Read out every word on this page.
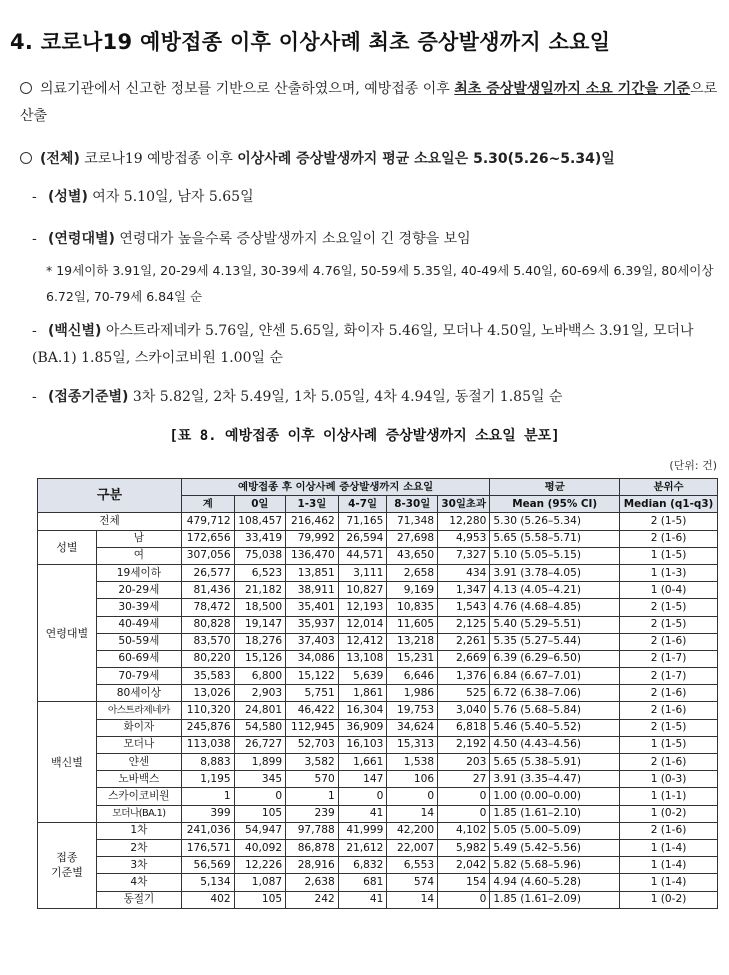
4. 코로나19 예방접종 이후 이상사례 최초 증상발생까지 소요일
의료기관에서 신고한 정보를 기반으로 산출하였으며, 예방접종 이후 최초 증상발생일까지 소요 기간을 기준으로 산출
(전체) 코로나19 예방접종 이후 이상사례 증상발생까지 평균 소요일은 5.30(5.26~5.34)일
- (성별) 여자 5.10일, 남자 5.65일
- (연령대별) 연령대가 높을수록 증상발생까지 소요일이 긴 경향을 보임
* 19세이하 3.91일, 20-29세 4.13일, 30-39세 4.76일, 50-59세 5.35일, 40-49세 5.40일, 60-69세 6.39일, 80세이상 6.72일, 70-79세 6.84일 순
- (백신별) 아스트라제네카 5.76일, 얀센 5.65일, 화이자 5.46일, 모더나 4.50일, 노바백스 3.91일, 모더나(BA.1) 1.85일, 스카이코비원 1.00일 순
- (접종기준별) 3차 5.82일, 2차 5.49일, 1차 5.05일, 4차 4.94일, 동절기 1.85일 순
[표 8. 예방접종 이후 이상사례 증상발생까지 소요일 분포]
(단위: 건)
구분		예방접종 후 이상사례 증상발생까지 소요일						평균	분위수
		계	0일	1-3일	4-7일	8-30일	30일초과	Mean (95% CI)	Median (q1-q3)
전체		479,712	108,457	216,462	71,165	71,348	12,280	5.30 (5.26–5.34)	2 (1-5)
성별	남	172,656	33,419	79,992	26,594	27,698	4,953	5.65 (5.58–5.71)	2 (1-6)
	여	307,056	75,038	136,470	44,571	43,650	7,327	5.10 (5.05–5.15)	1 (1-5)
연령대별	19세이하	26,577	6,523	13,851	3,111	2,658	434	3.91 (3.78–4.05)	1 (1-3)
	20-29세	81,436	21,182	38,911	10,827	9,169	1,347	4.13 (4.05–4.21)	1 (0-4)
	30-39세	78,472	18,500	35,401	12,193	10,835	1,543	4.76 (4.68–4.85)	2 (1-5)
	40-49세	80,828	19,147	35,937	12,014	11,605	2,125	5.40 (5.29–5.51)	2 (1-5)
	50-59세	83,570	18,276	37,403	12,412	13,218	2,261	5.35 (5.27–5.44)	2 (1-6)
	60-69세	80,220	15,126	34,086	13,108	15,231	2,669	6.39 (6.29–6.50)	2 (1-7)
	70-79세	35,583	6,800	15,122	5,639	6,646	1,376	6.84 (6.67–7.01)	2 (1-7)
	80세이상	13,026	2,903	5,751	1,861	1,986	525	6.72 (6.38–7.06)	2 (1-6)
백신별	아스트라제네카	110,320	24,801	46,422	16,304	19,753	3,040	5.76 (5.68–5.84)	2 (1-6)
	화이자	245,876	54,580	112,945	36,909	34,624	6,818	5.46 (5.40–5.52)	2 (1-5)
	모더나	113,038	26,727	52,703	16,103	15,313	2,192	4.50 (4.43–4.56)	1 (1-5)
	얀센	8,883	1,899	3,582	1,661	1,538	203	5.65 (5.38–5.91)	2 (1-6)
	노바백스	1,195	345	570	147	106	27	3.91 (3.35–4.47)	1 (0-3)
	스카이코비원	1	0	1	0	0	0	1.00 (0.00–0.00)	1 (1-1)
	모더나(BA.1)	399	105	239	41	14	0	1.85 (1.61–2.10)	1 (0-2)
접종
기준별	1차	241,036	54,947	97,788	41,999	42,200	4,102	5.05 (5.00–5.09)	2 (1-6)
	2차	176,571	40,092	86,878	21,612	22,007	5,982	5.49 (5.42–5.56)	1 (1-4)
	3차	56,569	12,226	28,916	6,832	6,553	2,042	5.82 (5.68–5.96)	1 (1-4)
	4차	5,134	1,087	2,638	681	574	154	4.94 (4.60–5.28)	1 (1-4)
	동절기	402	105	242	41	14	0	1.85 (1.61–2.09)	1 (0-2)
